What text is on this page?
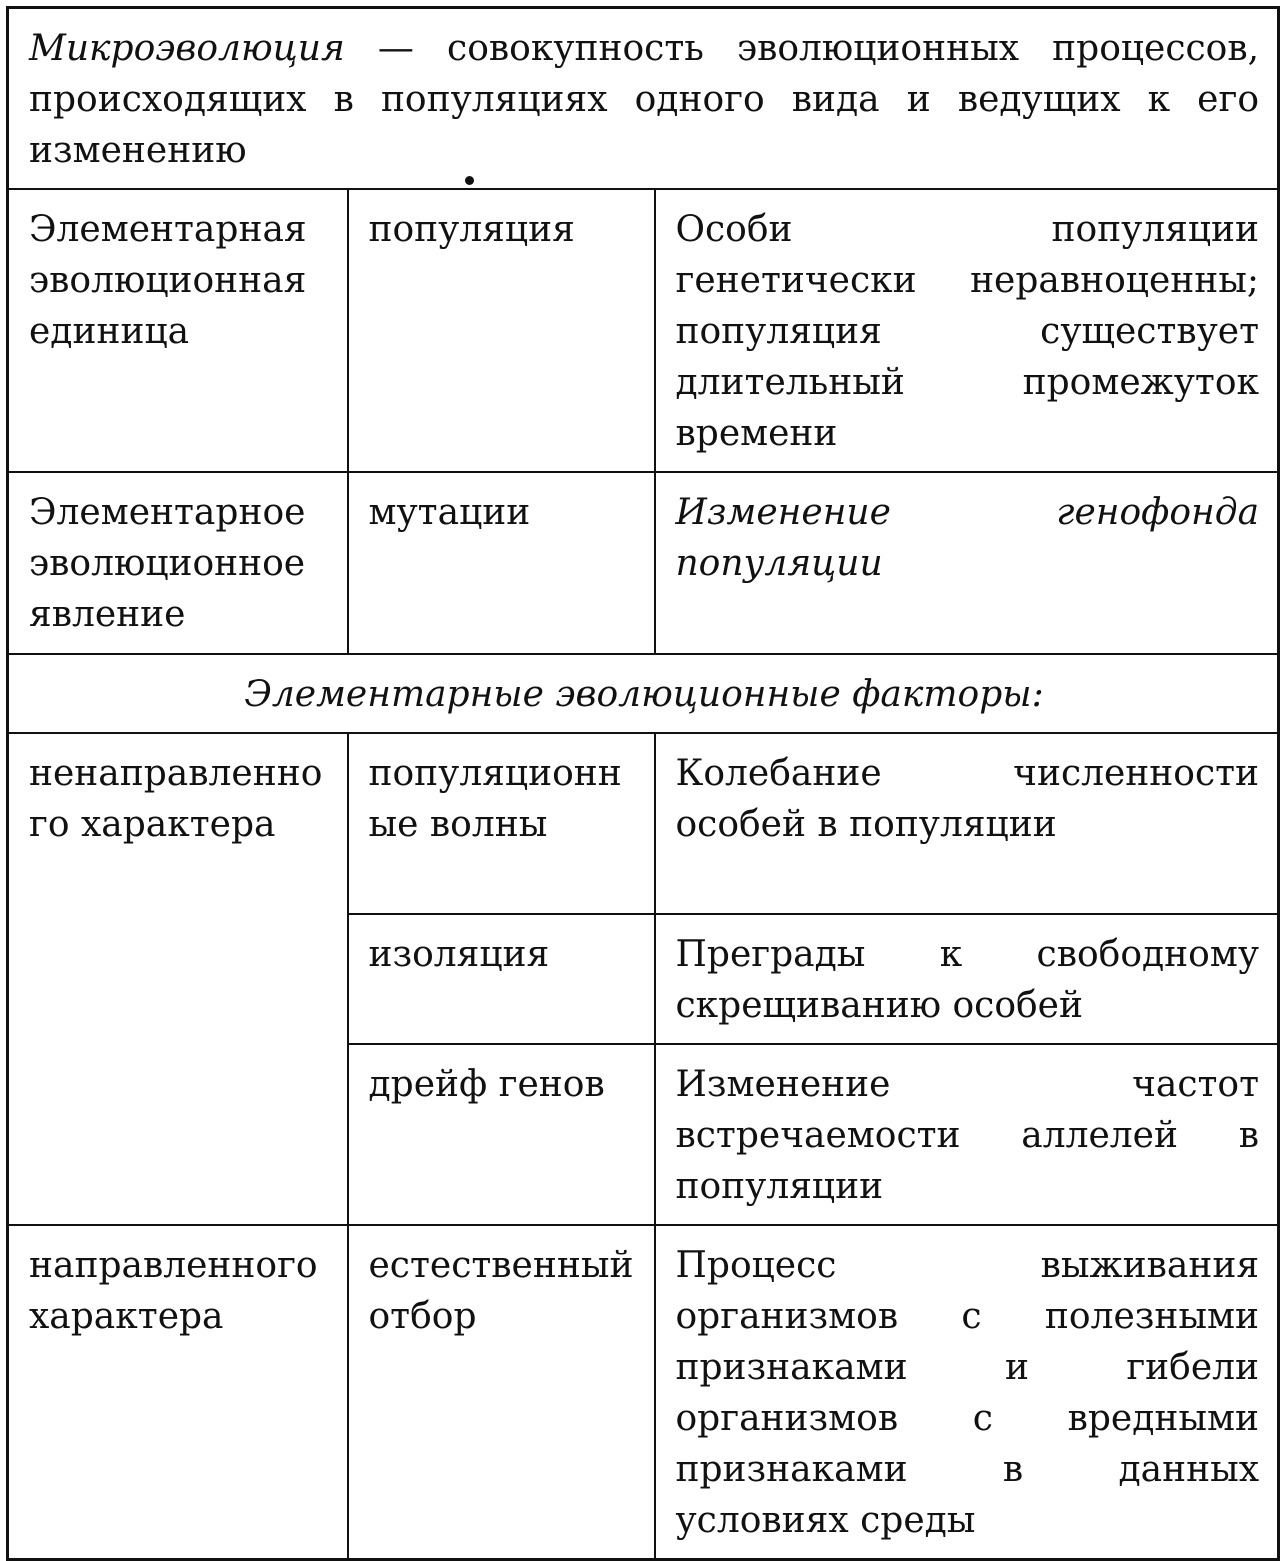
Микроэволюция — совокупность эволюционных процессов, происходящих в популяциях одного вида и ведущих к его изменению		
Элементарная эволюционная единица	популяция	Особи популяции генетически неравноценны; популяция существует длительный промежуток времени
Элементарное эволюционное явление	мутации	Изменение генофонда популяции
Элементарные эволюционные факторы:		
ненаправленного характера	популяционные волны	Колебание численности особей в популяции
	изоляция	Преграды к свободному скрещиванию особей
	дрейф генов	Изменение частот встречаемости аллелей в популяции
направленного характера	естественный отбор	Процесс выживания организмов с полезными признаками и гибели организмов с вредными признаками в данных условиях среды
